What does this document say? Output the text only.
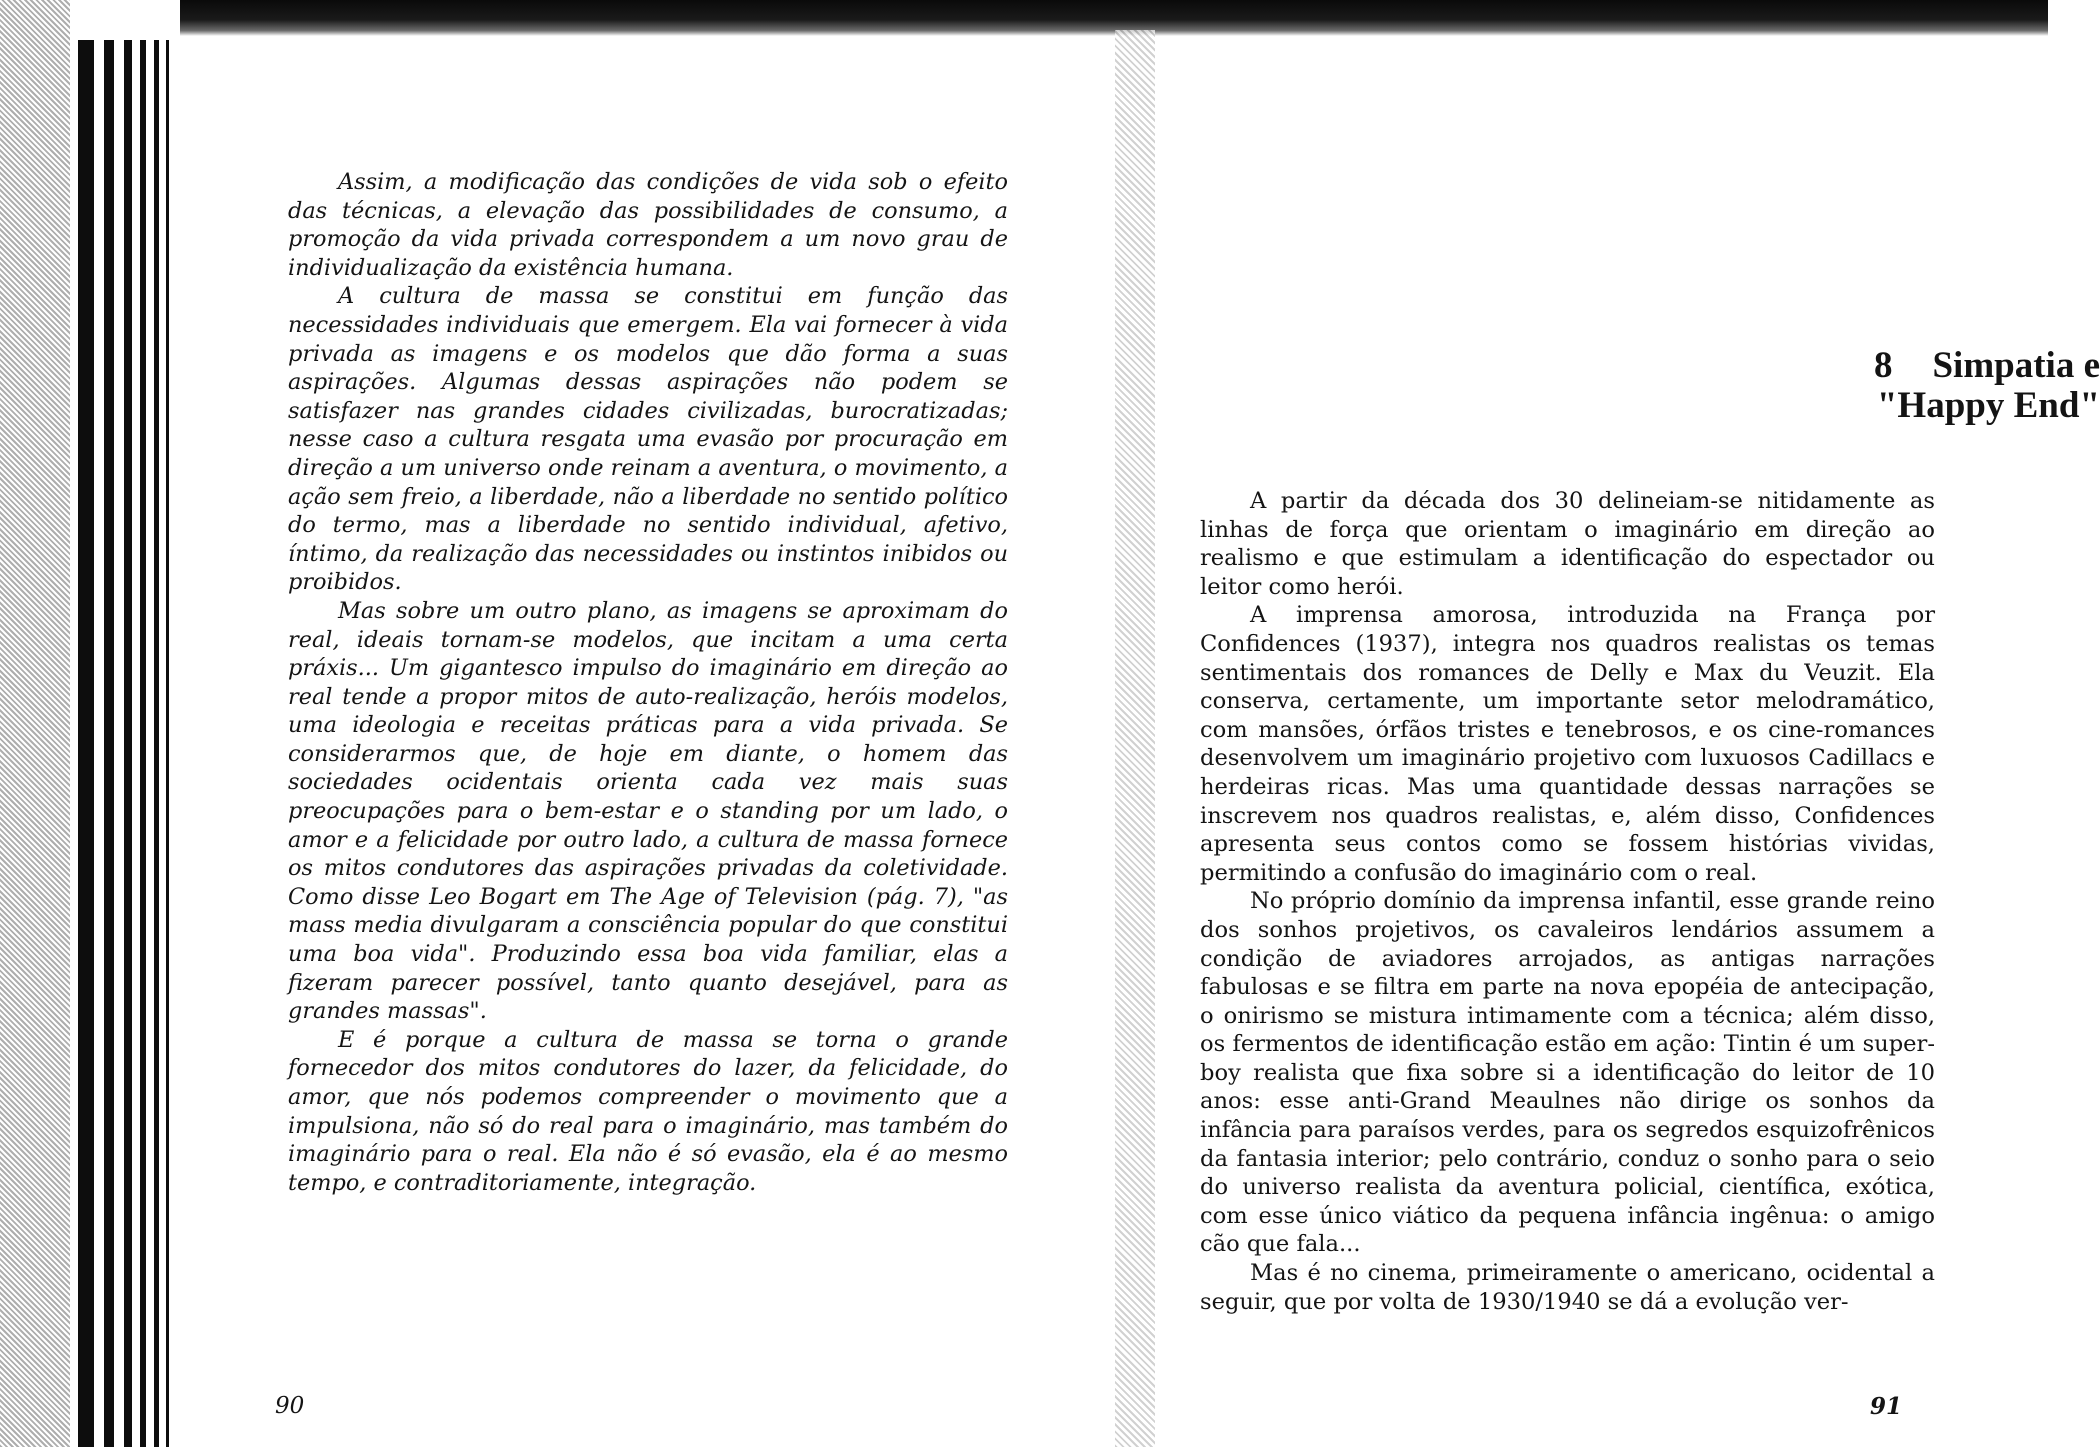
Assim, a modificação das condições de vida sob o efeito das técnicas, a elevação das possibilidades de consumo, a promoção da vida privada correspondem a um novo grau de individualização da existência humana.

A cultura de massa se constitui em função das necessidades individuais que emergem. Ela vai fornecer à vida privada as imagens e os modelos que dão forma a suas aspirações. Algumas dessas aspirações não podem se satisfazer nas grandes cidades civilizadas, burocratizadas; nesse caso a cultura resgata uma evasão por procuração em direção a um universo onde reinam a aventura, o movimento, a ação sem freio, a liberdade, não a liberdade no sentido político do termo, mas a liberdade no sentido individual, afetivo, íntimo, da realização das necessidades ou instintos inibidos ou proibidos.

Mas sobre um outro plano, as imagens se aproximam do real, ideais tornam-se modelos, que incitam a uma certa práxis... Um gigantesco impulso do imaginário em direção ao real tende a propor mitos de auto-realização, heróis modelos, uma ideologia e receitas práticas para a vida privada. Se considerarmos que, de hoje em diante, o homem das sociedades ocidentais orienta cada vez mais suas preocupações para o bem-estar e o standing por um lado, o amor e a felicidade por outro lado, a cultura de massa fornece os mitos condutores das aspirações privadas da coletividade. Como disse Leo Bogart em The Age of Television (pág. 7), "as mass media divulgaram a consciência popular do que constitui uma boa vida". Produzindo essa boa vida familiar, elas a fizeram parecer possível, tanto quanto desejável, para as grandes massas".

E é porque a cultura de massa se torna o grande fornecedor dos mitos condutores do lazer, da felicidade, do amor, que nós podemos compreender o movimento que a impulsiona, não só do real para o imaginário, mas também do imaginário para o real. Ela não é só evasão, ela é ao mesmo tempo, e contraditoriamente, integração.

90
8 Simpatia e
"Happy End"

A partir da década dos 30 delineiam-se nitidamente as linhas de força que orientam o imaginário em direção ao realismo e que estimulam a identificação do espectador ou leitor como herói.

A imprensa amorosa, introduzida na França por Confidences (1937), integra nos quadros realistas os temas sentimentais dos romances de Delly e Max du Veuzit. Ela conserva, certamente, um importante setor melodramático, com mansões, órfãos tristes e tenebrosos, e os cine-romances desenvolvem um imaginário projetivo com luxuosos Cadillacs e herdeiras ricas. Mas uma quantidade dessas narrações se inscrevem nos quadros realistas, e, além disso, Confidences apresenta seus contos como se fossem histórias vividas, permitindo a confusão do imaginário com o real.

No próprio domínio da imprensa infantil, esse grande reino dos sonhos projetivos, os cavaleiros lendários assumem a condição de aviadores arrojados, as antigas narrações fabulosas e se filtra em parte na nova epopéia de antecipação, o onirismo se mistura intimamente com a técnica; além disso, os fermentos de identificação estão em ação: Tintin é um super-boy realista que fixa sobre si a identificação do leitor de 10 anos: esse anti-Grand Meaulnes não dirige os sonhos da infância para paraísos verdes, para os segredos esquizofrênicos da fantasia interior; pelo contrário, conduz o sonho para o seio do universo realista da aventura policial, científica, exótica, com esse único viático da pequena infância ingênua: o amigo cão que fala...

Mas é no cinema, primeiramente o americano, ocidental a seguir, que por volta de 1930/1940 se dá a evolução ver-

91
